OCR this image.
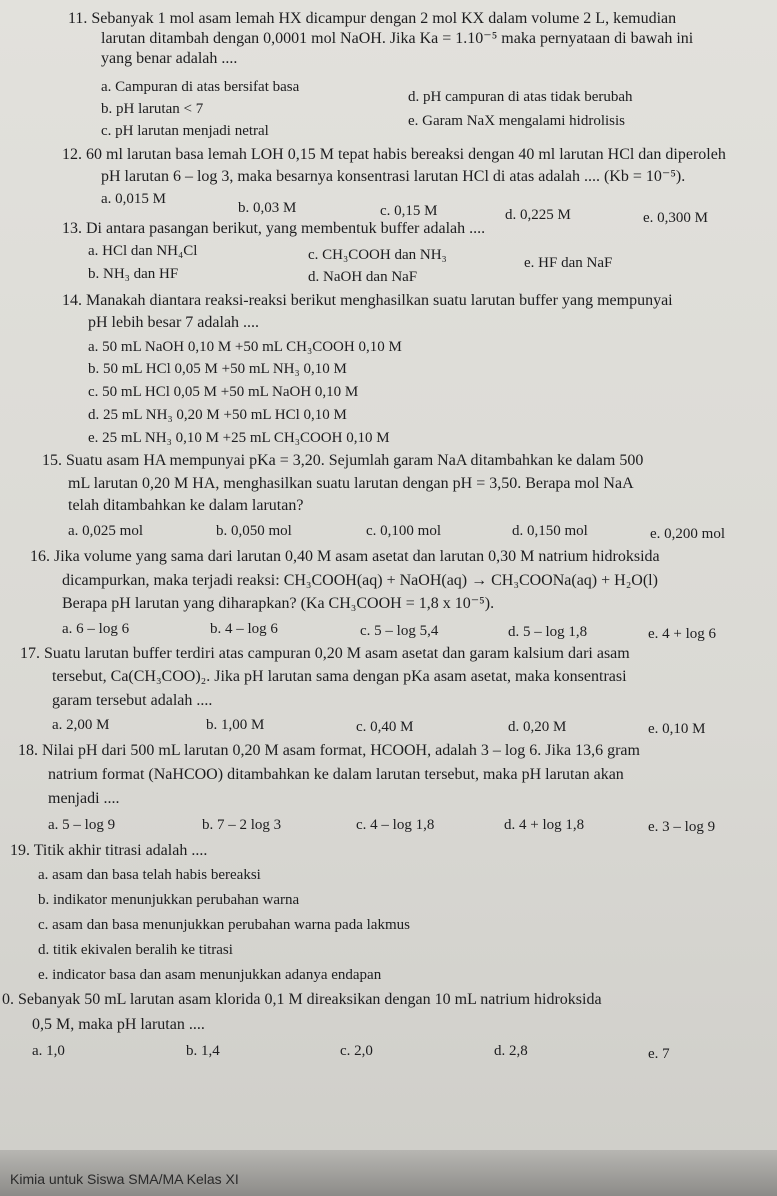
11. Sebanyak 1 mol asam lemah HX dicampur dengan 2 mol KX dalam volume 2 L, kemudian
larutan ditambah dengan 0,0001 mol NaOH. Jika Ka = 1.10⁻⁵ maka pernyataan di bawah ini
yang benar adalah ....
a. Campuran di atas bersifat basa
b. pH larutan < 7
c. pH larutan menjadi netral
d. pH campuran di atas tidak berubah
e. Garam NaX mengalami hidrolisis
12. 60 ml larutan basa lemah LOH 0,15 M tepat habis bereaksi dengan 40 ml larutan HCl dan diperoleh
pH larutan 6 – log 3, maka besarnya konsentrasi larutan HCl di atas adalah .... (Kb = 10⁻⁵).
a. 0,015 M
b. 0,03 M	c. 0,15 M	d. 0,225 M	e. 0,300 M
13. Di antara pasangan berikut, yang membentuk buffer adalah ....
a. HCl dan NH₄Cl
b. NH₃ dan HF
c. CH₃COOH dan NH₃
d. NaOH dan NaF
e. HF dan NaF
14. Manakah diantara reaksi-reaksi berikut menghasilkan suatu larutan buffer yang mempunyai
pH lebih besar 7 adalah ....
a. 50 mL NaOH 0,10 M +50 mL CH₃COOH 0,10 M
b. 50 mL HCl 0,05 M +50 mL NH₃ 0,10 M
c. 50 mL HCl 0,05 M +50 mL NaOH 0,10 M
d. 25 mL NH₃ 0,20 M +50 mL HCl 0,10 M
e. 25 mL NH₃ 0,10 M +25 mL CH₃COOH 0,10 M
15. Suatu asam HA mempunyai pKa = 3,20. Sejumlah garam NaA ditambahkan ke dalam 500
mL larutan 0,20 M HA, menghasilkan suatu larutan dengan pH = 3,50. Berapa mol NaA
telah ditambahkan ke dalam larutan?
a. 0,025 mol	b. 0,050 mol	c. 0,100 mol	d. 0,150 mol	e. 0,200 mol
16. Jika volume yang sama dari larutan 0,40 M asam asetat dan larutan 0,30 M natrium hidroksida
dicampurkan, maka terjadi reaksi: CH₃COOH(aq) + NaOH(aq) → CH₃COONa(aq) + H₂O(l)
Berapa pH larutan yang diharapkan? (Ka CH₃COOH = 1,8 x 10⁻⁵).
a. 6 – log 6	b. 4 – log 6	c. 5 – log 5,4	d. 5 – log 1,8	e. 4 + log 6
17. Suatu larutan buffer terdiri atas campuran 0,20 M asam asetat dan garam kalsium dari asam
tersebut, Ca(CH₃COO)₂. Jika pH larutan sama dengan pKa asam asetat, maka konsentrasi
garam tersebut adalah ....
a. 2,00 M	b. 1,00 M	c. 0,40 M	d. 0,20 M	e. 0,10 M
18. Nilai pH dari 500 mL larutan 0,20 M asam format, HCOOH, adalah 3 – log 6. Jika 13,6 gram
natrium format (NaHCOO) ditambahkan ke dalam larutan tersebut, maka pH larutan akan
menjadi ....
a. 5 – log 9	b. 7 – 2 log 3	c. 4 – log 1,8	d. 4 + log 1,8	e. 3 – log 9
19. Titik akhir titrasi adalah ....
a. asam dan basa telah habis bereaksi
b. indikator menunjukkan perubahan warna
c. asam dan basa menunjukkan perubahan warna pada lakmus
d. titik ekivalen beralih ke titrasi
e. indicator basa dan asam menunjukkan adanya endapan
0. Sebanyak 50 mL larutan asam klorida 0,1 M direaksikan dengan 10 mL natrium hidroksida
0,5 M, maka pH larutan ....
a. 1,0	b. 1,4	c. 2,0	d. 2,8	e. 7
Kimia untuk Siswa SMA/MA Kelas XI
